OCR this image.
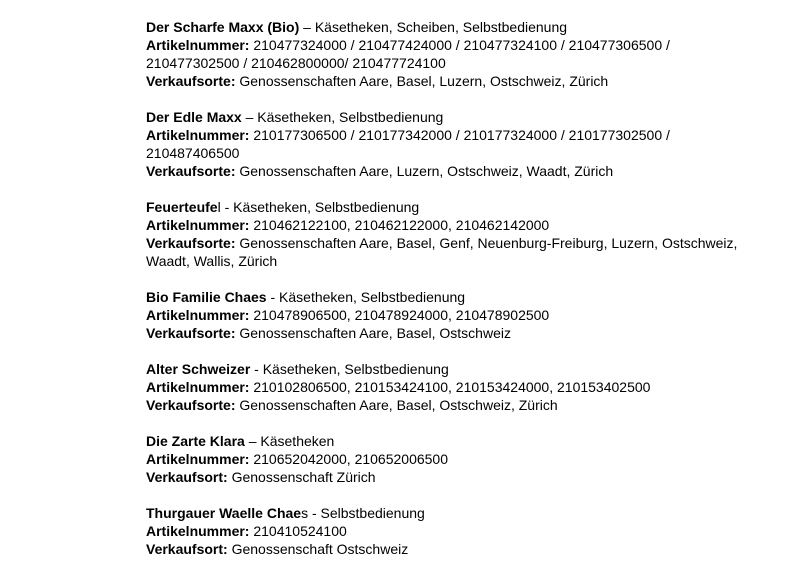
Der Scharfe Maxx (Bio) – Käsetheken, Scheiben, Selbstbedienung

Artikelnummer: 210477324000 / 210477424000 / 210477324100 / 210477306500 / 210477302500 / 210462800000/ 210477724100

Verkaufsorte: Genossenschaften Aare, Basel, Luzern, Ostschweiz, Zürich

Der Edle Maxx – Käsetheken, Selbstbedienung

Artikelnummer: 210177306500 / 210177342000 / 210177324000 / 210177302500 / 210487406500

Verkaufsorte: Genossenschaften Aare, Luzern, Ostschweiz, Waadt, Zürich

Feuerteufel - Käsetheken, Selbstbedienung

Artikelnummer: 210462122100, 210462122000, 210462142000

Verkaufsorte: Genossenschaften Aare, Basel, Genf, Neuenburg-Freiburg, Luzern, Ostschweiz, Waadt, Wallis, Zürich

Bio Familie Chaes - Käsetheken, Selbstbedienung

Artikelnummer: 210478906500, 210478924000, 210478902500

Verkaufsorte: Genossenschaften Aare, Basel, Ostschweiz

Alter Schweizer - Käsetheken, Selbstbedienung

Artikelnummer: 210102806500, 210153424100, 210153424000, 210153402500

Verkaufsorte: Genossenschaften Aare, Basel, Ostschweiz, Zürich

Die Zarte Klara – Käsetheken

Artikelnummer: 210652042000, 210652006500

Verkaufsort: Genossenschaft Zürich

Thurgauer Waelle Chaes - Selbstbedienung

Artikelnummer: 210410524100

Verkaufsort: Genossenschaft Ostschweiz
